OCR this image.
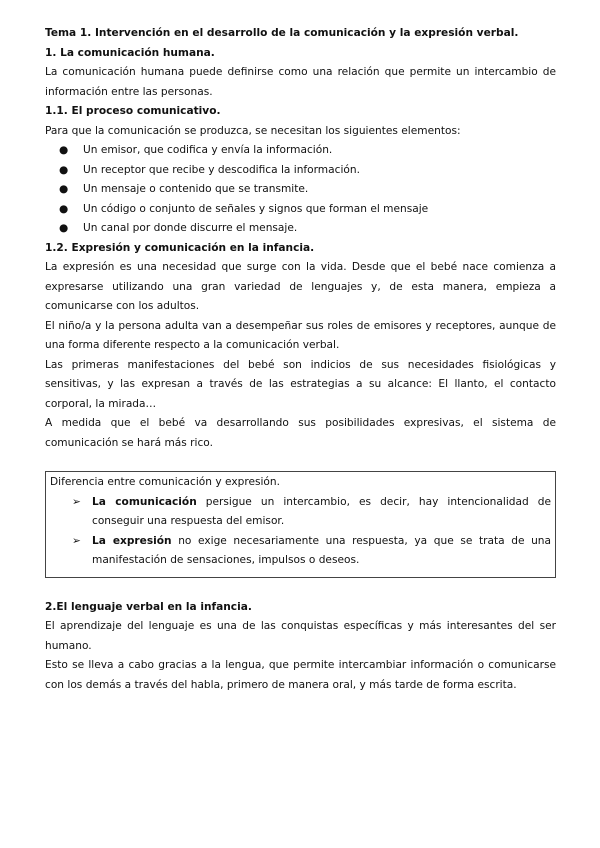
Tema 1. Intervención en el desarrollo de la comunicación y la expresión verbal.

1. La comunicación humana.

La comunicación humana puede definirse como una relación que permite un intercambio de información entre las personas.

1.1. El proceso comunicativo.

Para que la comunicación se produzca, se necesitan los siguientes elementos:

● Un emisor, que codifica y envía la información.
● Un receptor que recibe y descodifica la información.
● Un mensaje o contenido que se transmite.
● Un código o conjunto de señales y signos que forman el mensaje
● Un canal por donde discurre el mensaje.

1.2. Expresión y comunicación en la infancia.

La expresión es una necesidad que surge con la vida. Desde que el bebé nace comienza a expresarse utilizando una gran variedad de lenguajes y, de esta manera, empieza a comunicarse con los adultos.

El niño/a y la persona adulta van a desempeñar sus roles de emisores y receptores, aunque de una forma diferente respecto a la comunicación verbal.

Las primeras manifestaciones del bebé son indicios de sus necesidades fisiológicas y sensitivas, y las expresan a través de las estrategias a su alcance: El llanto, el contacto corporal, la mirada…

A medida que el bebé va desarrollando sus posibilidades expresivas, el sistema de comunicación se hará más rico.

Diferencia entre comunicación y expresión.

➢ La comunicación persigue un intercambio, es decir, hay intencionalidad de conseguir una respuesta del emisor.
➢ La expresión no exige necesariamente una respuesta, ya que se trata de una manifestación de sensaciones, impulsos o deseos.

2.El lenguaje verbal en la infancia.

El aprendizaje del lenguaje es una de las conquistas específicas y más interesantes del ser humano.

Esto se lleva a cabo gracias a la lengua, que permite intercambiar información o comunicarse con los demás a través del habla, primero de manera oral, y más tarde de forma escrita.
